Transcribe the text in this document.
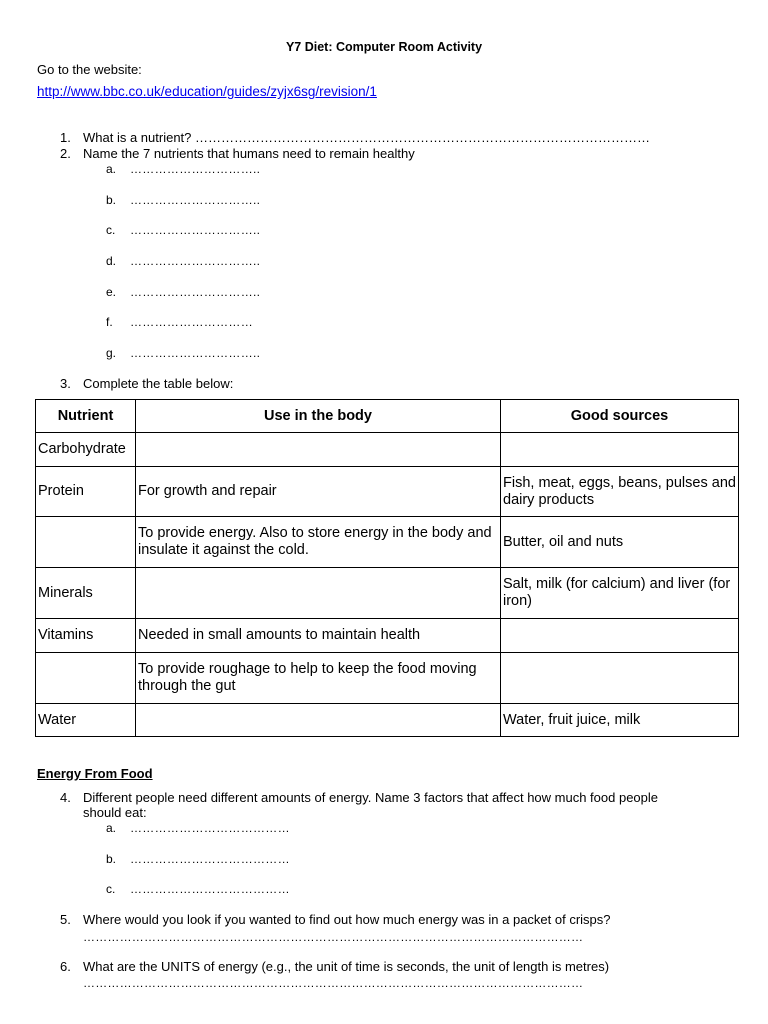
Y7 Diet: Computer Room Activity
Go to the website:
http://www.bbc.co.uk/education/guides/zyjx6sg/revision/1
1. What is a nutrient? ……………………………………………………………………………………………
2. Name the 7 nutrients that humans need to remain healthy
a. …………………………..
b. …………………………..
c. …………………………..
d. …………………………..
e. …………………………..
f. …………………………
g. …………………………..
3. Complete the table below:
Nutrient	Use in the body	Good sources
Carbohydrate		
Protein	For growth and repair	Fish, meat, eggs, beans, pulses and dairy products
	To provide energy. Also to store energy in the body and insulate it against the cold.	Butter, oil and nuts
Minerals		Salt, milk (for calcium) and liver (for iron)
Vitamins	Needed in small amounts to maintain health	
	To provide roughage to help to keep the food moving through the gut	
Water		Water, fruit juice, milk
Energy From Food
4. Different people need different amounts of energy. Name 3 factors that affect how much food people
should eat:
a. …………………………………
b. …………………………………
c. …………………………………
5. Where would you look if you wanted to find out how much energy was in a packet of crisps?
……………………………………………………………………………………………………………
6. What are the UNITS of energy (e.g., the unit of time is seconds, the unit of length is metres)
……………………………………………………………………………………………………………
